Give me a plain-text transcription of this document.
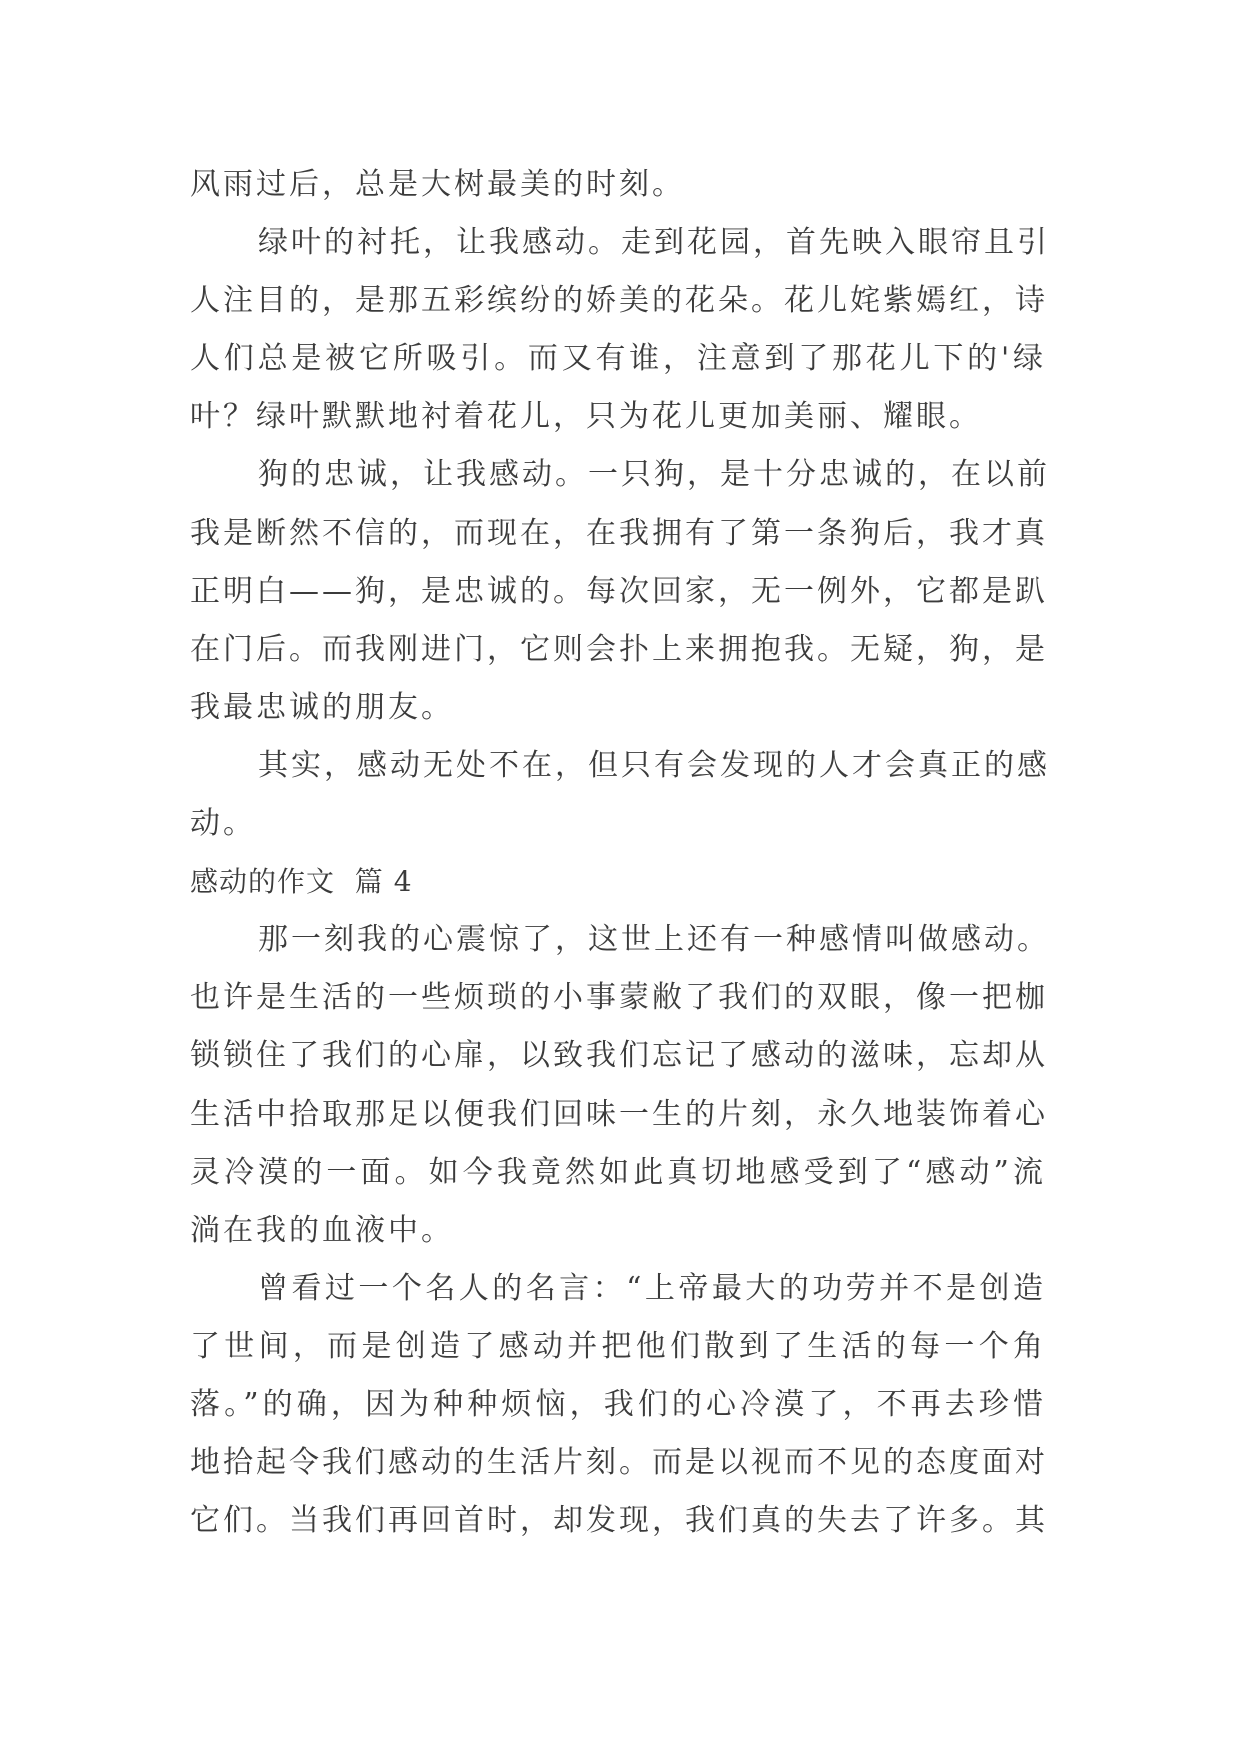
风雨过后，总是大树最美的时刻。
绿叶的衬托，让我感动。走到花园，首先映入眼帘且引
人注目的，是那五彩缤纷的娇美的花朵。花儿姹紫嫣红，诗
人们总是被它所吸引。而又有谁，注意到了那花儿下的'绿
叶？绿叶默默地衬着花儿，只为花儿更加美丽、耀眼。
狗的忠诚，让我感动。一只狗，是十分忠诚的，在以前
我是断然不信的，而现在，在我拥有了第一条狗后，我才真
正明白——狗，是忠诚的。每次回家，无一例外，它都是趴
在门后。而我刚进门，它则会扑上来拥抱我。无疑，狗，是
我最忠诚的朋友。
其实，感动无处不在，但只有会发现的人才会真正的感
动。
感动的作文  篇 4
那一刻我的心震惊了，这世上还有一种感情叫做感动。
也许是生活的一些烦琐的小事蒙敝了我们的双眼，像一把枷
锁锁住了我们的心扉，以致我们忘记了感动的滋味，忘却从
生活中拾取那足以便我们回味一生的片刻，永久地装饰着心
灵冷漠的一面。如今我竟然如此真切地感受到了“感动”流
淌在我的血液中。
曾看过一个名人的名言：“上帝最大的功劳并不是创造
了世间，而是创造了感动并把他们散到了生活的每一个角
落。”的确，因为种种烦恼，我们的心冷漠了，不再去珍惜
地拾起令我们感动的生活片刻。而是以视而不见的态度面对
它们。当我们再回首时，却发现，我们真的失去了许多。其
